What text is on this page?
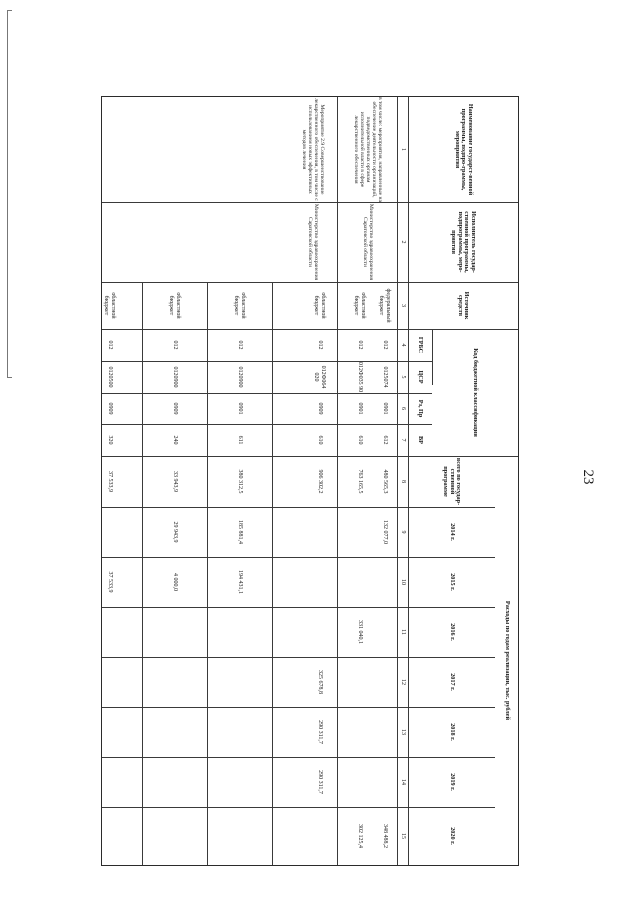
23
Наименование государст-венной программы, подпро-граммы, мероприятия
Исполнитель государ-ственной программы, подпрограммы, меро-приятия
Источник средств
Код бюджетной классификации
ГРБС
ЦСР
Рз, Пр
ВР
Расходы по годам реализации, тыс. рублей
всего по государ-ственной программе
2014 г.
2015 г.
2016 г.
2017 г.
2018 г.
2019 г.
2020 г.
1
2
3
4
5
6
7
8
9
10
11
12
13
14
15
в том числе: мероприятия, направленные на обеспечение деятельности организаций, подведомственных органам исполнительной власти в сфере лекарственного обеспечения
Министерство здравоохранения Саратовской области
Мероприятие 2.9 Совершенствование лекарственного обеспечения, в том числе с использованием новых эффективных методов лечения
Министерство здравоохранения Саратовской области
федеральный бюджет
012
0125074
0901
612
480 565,3
132 077,0
348 488,2
областной бюджет
012
012Ф035 90
0901
610
763 165,5
331 040,1
302 125,4
областной бюджет
012
012Ф064 020
0909
610
906 302,2
325 678,8
290 311,7
290 311,7
областной бюджет
012
0120900
0901
611
380 312,5
185 881,4
194 431,1
областной бюджет
012
0120900
0909
240
33 943,9
29 943,9
4 000,0
областной бюджет
012
0120500
0909
320
37 533,9
37 533,9
